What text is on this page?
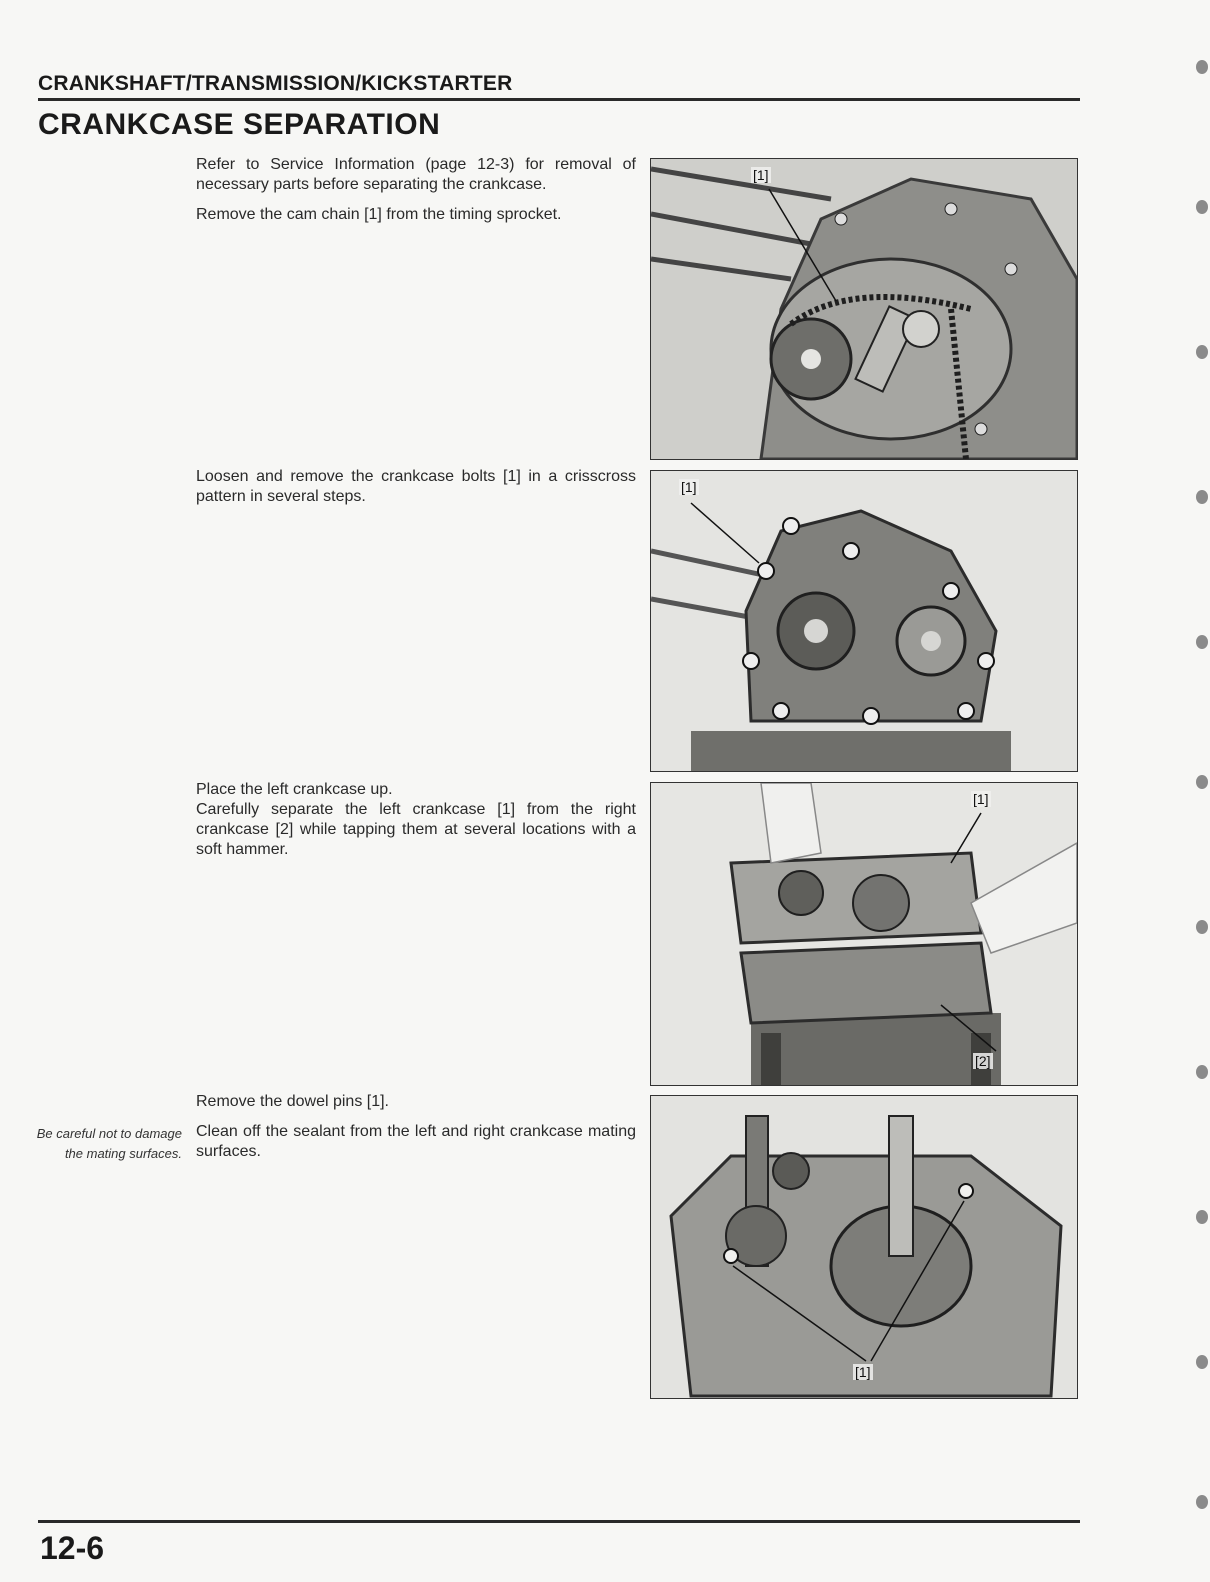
CRANKSHAFT/TRANSMISSION/KICKSTARTER
CRANKCASE SEPARATION

Refer to Service Information (page 12-3) for removal of necessary parts before separating the crankcase.

Remove the cam chain [1] from the timing sprocket.

[1]

Loosen and remove the crankcase bolts [1] in a crisscross pattern in several steps.

[1]

Place the left crankcase up.

Carefully separate the left crankcase [1] from the right crankcase [2] while tapping them at several locations with a soft hammer.

[1]
[2]

Remove the dowel pins [1].

Clean off the sealant from the left and right crankcase mating surfaces.

Be careful not to damage the mating surfaces.
[1]
12-6
